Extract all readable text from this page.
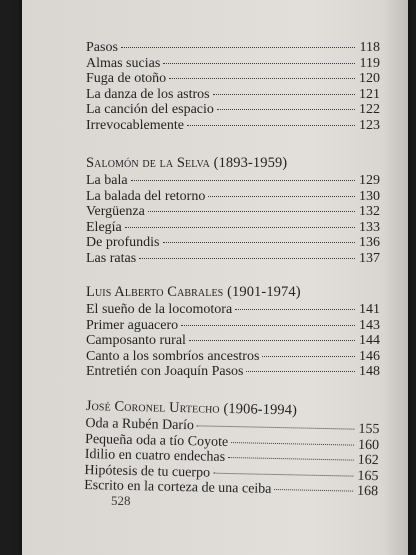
Pasos	118
Almas sucias	119
Fuga de otoño	120
La danza de los astros	121
La canción del espacio	122
Irrevocablemente	123
Salomón de la Selva (1893-1959)
La bala	129
La balada del retorno	130
Vergüenza	132
Elegía	133
De profundis	136
Las ratas	137
Luis Alberto Cabrales (1901-1974)
El sueño de la locomotora	141
Primer aguacero	143
Camposanto rural	144
Canto a los sombríos ancestros	146
Entretién con Joaquín Pasos	148
José Coronel Urtecho (1906-1994)
Oda a Rubén Darío	155
Pequeña oda a tío Coyote	160
Idilio en cuatro endechas	162
Hipótesis de tu cuerpo	165
Escrito en la corteza de una ceiba	168
528
